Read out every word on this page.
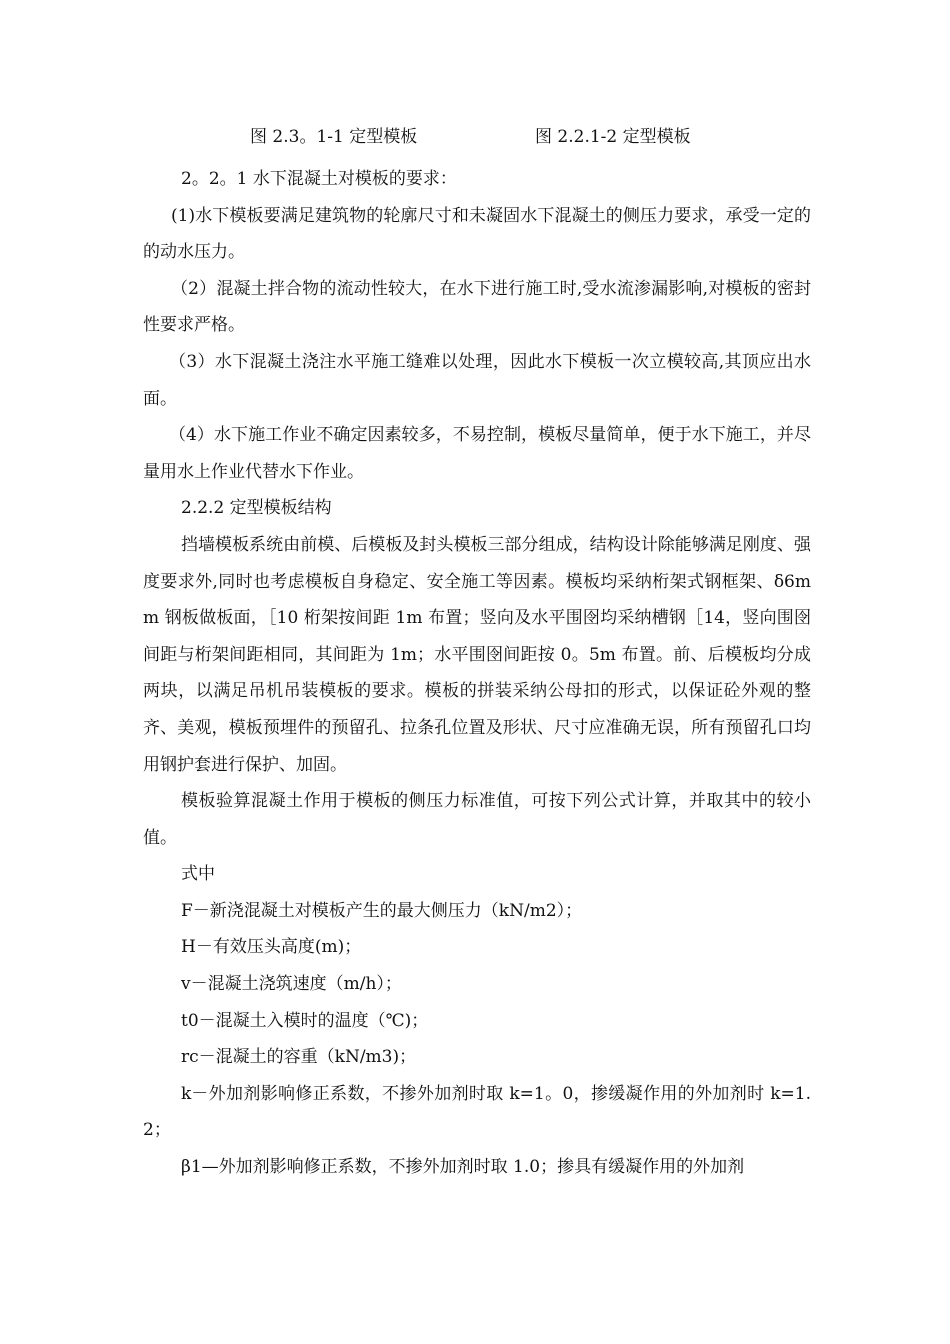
图 2.3。1-1 定型模板	图 2.2.1-2 定型模板

2。2。1 水下混凝土对模板的要求：

(1)水下模板要满足建筑物的轮廓尺寸和未凝固水下混凝土的侧压力要求，承受一定的的动水压力。

（2）混凝土拌合物的流动性较大，在水下进行施工时,受水流渗漏影响,对模板的密封性要求严格。

（3）水下混凝土浇注水平施工缝难以处理，因此水下模板一次立模较高,其顶应出水面。

（4）水下施工作业不确定因素较多，不易控制，模板尽量简单，便于水下施工，并尽量用水上作业代替水下作业。

2.2.2 定型模板结构

挡墙模板系统由前模、后模板及封头模板三部分组成，结构设计除能够满足刚度、强度要求外,同时也考虑模板自身稳定、安全施工等因素。模板均采纳桁架式钢框架、δ6mm 钢板做板面，［10 桁架按间距 1m 布置；竖向及水平围囹均采纳槽钢［14，竖向围囹间距与桁架间距相同，其间距为 1m；水平围囹间距按 0。5m 布置。前、后模板均分成两块，以满足吊机吊装模板的要求。模板的拼装采纳公母扣的形式，以保证砼外观的整齐、美观，模板预埋件的预留孔、拉条孔位置及形状、尺寸应准确无误，所有预留孔口均用钢护套进行保护、加固。

模板验算混凝土作用于模板的侧压力标准值，可按下列公式计算，并取其中的较小值。

式中

F－新浇混凝土对模板产生的最大侧压力（kN/m2）；

H－有效压头高度(m)；

v－混凝土浇筑速度（m/h）；

t0－混凝土入模时的温度（℃)；

rc－混凝土的容重（kN/m3)；

k－外加剂影响修正系数，不掺外加剂时取 k=1。0，掺缓凝作用的外加剂时 k=1.2；

β1—外加剂影响修正系数，不掺外加剂时取 1.0；掺具有缓凝作用的外加剂
